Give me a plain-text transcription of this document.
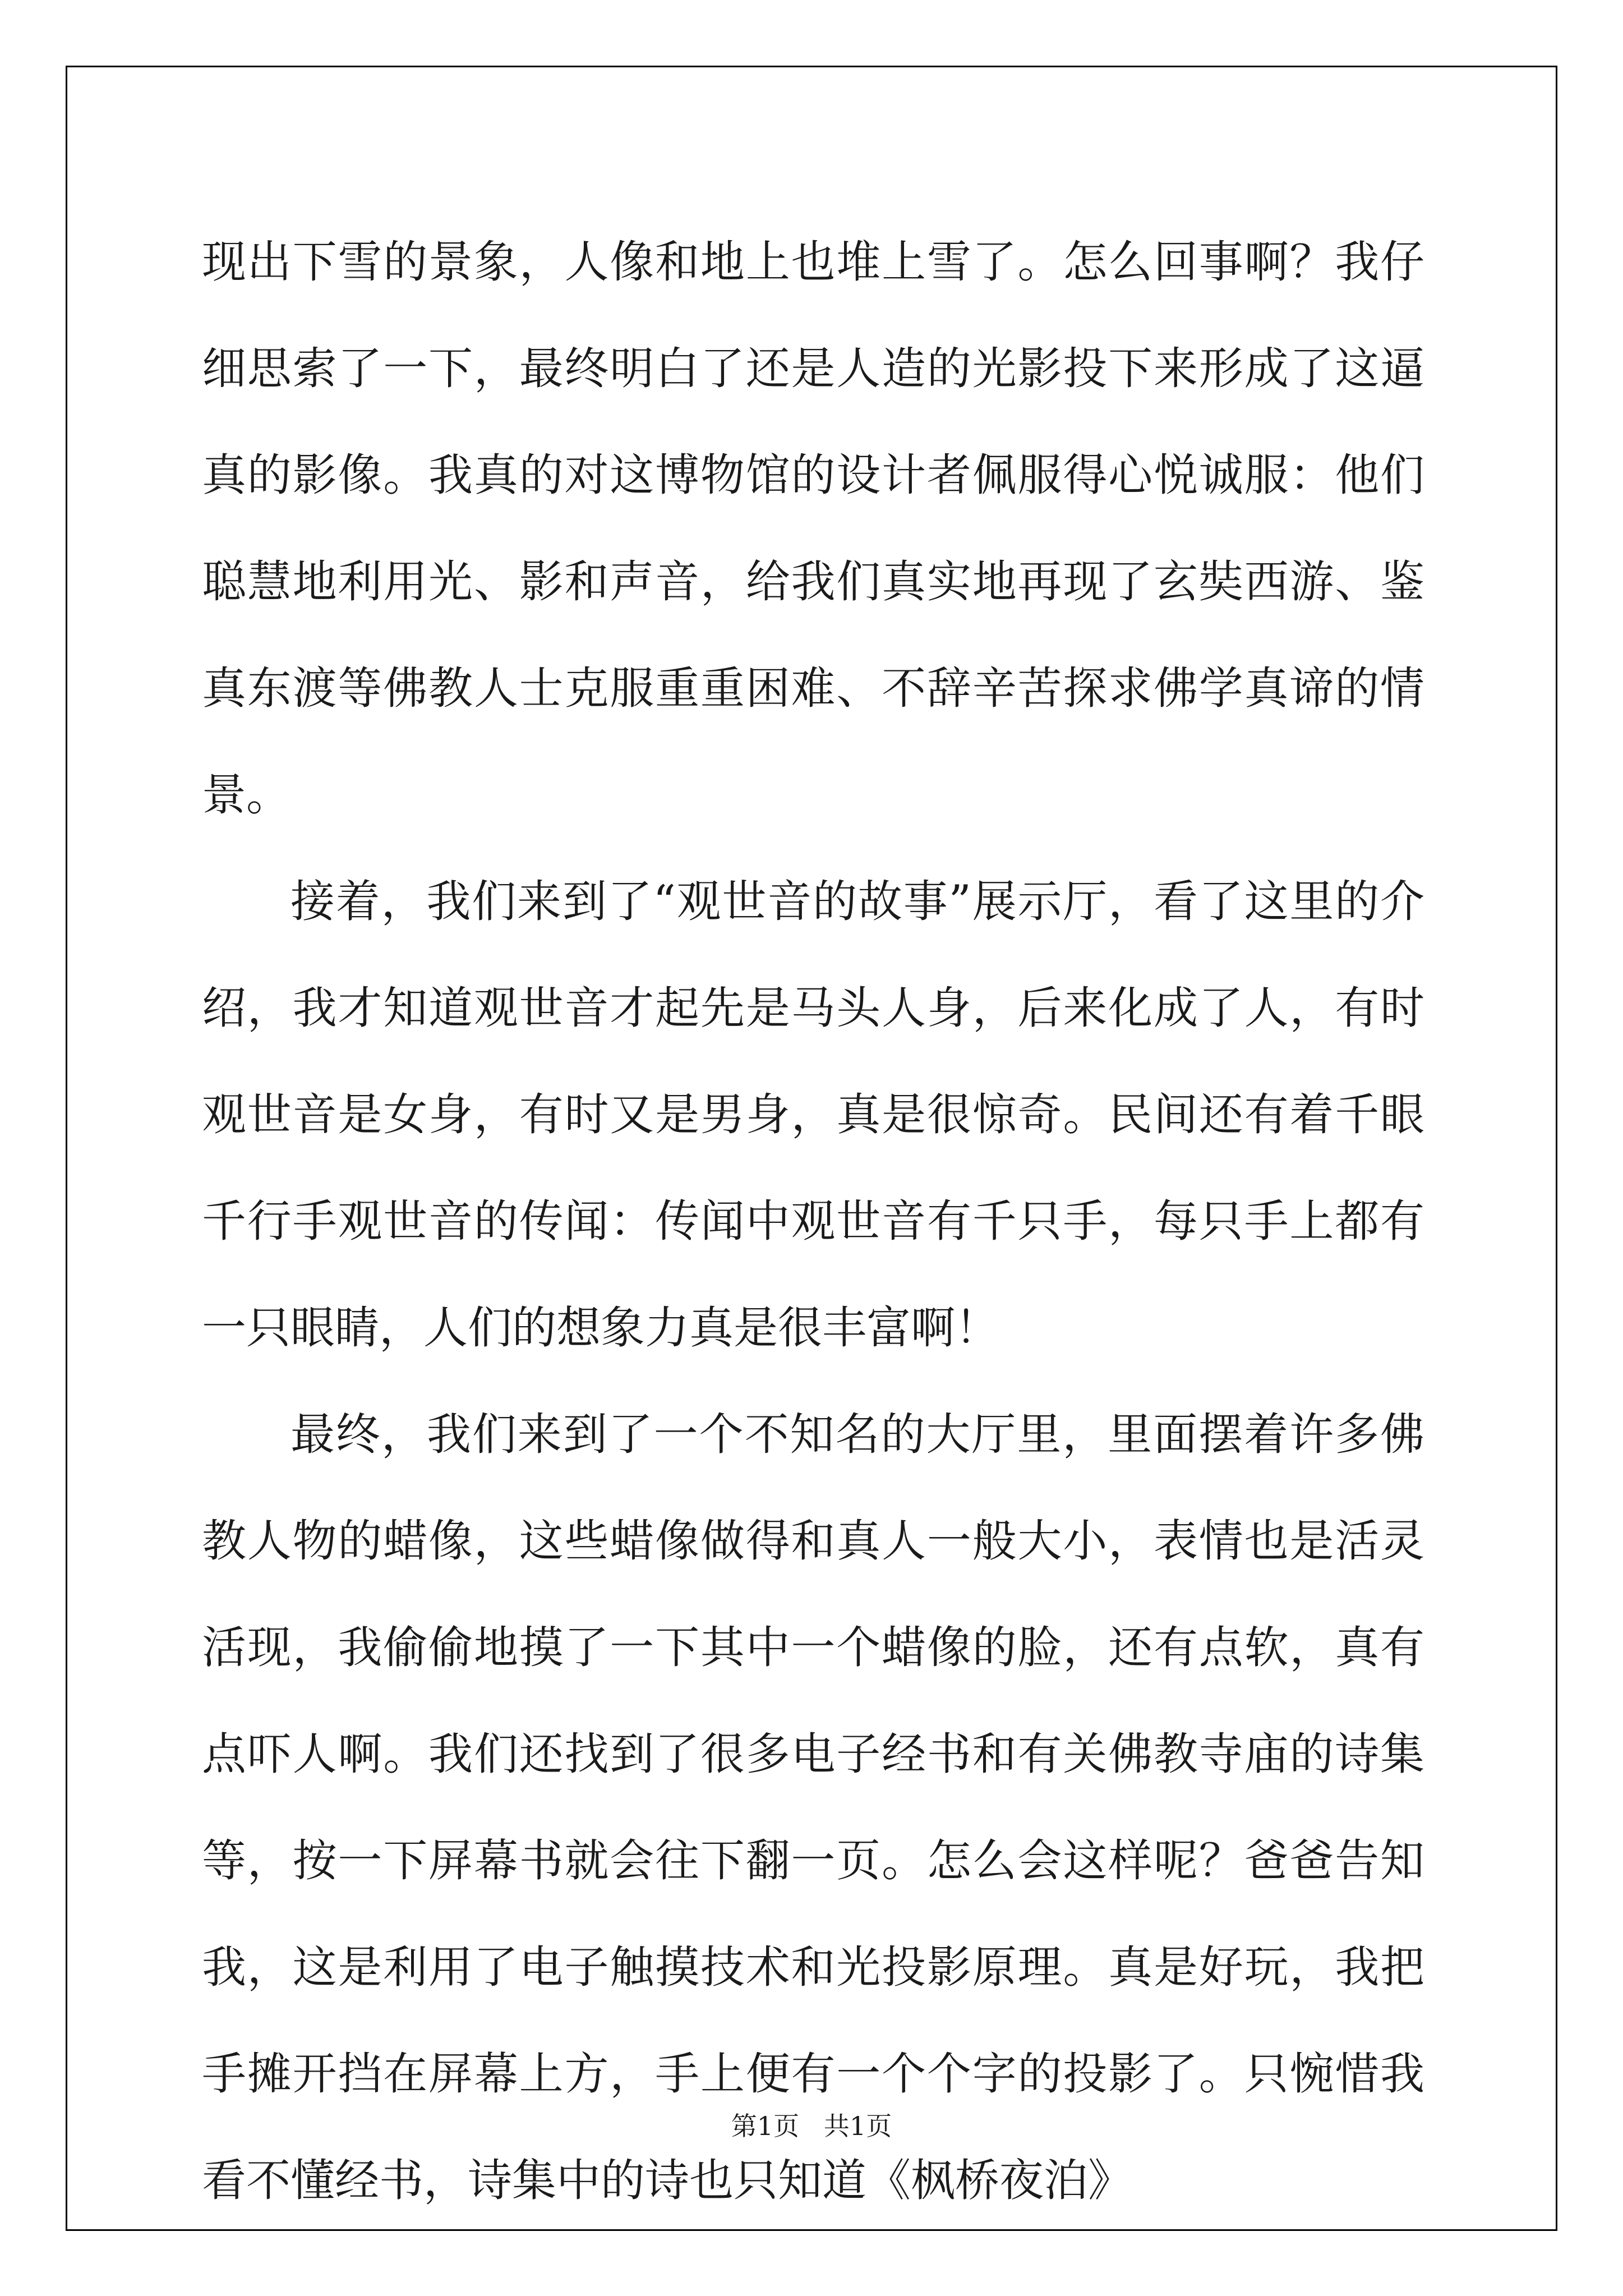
现出下雪的景象，人像和地上也堆上雪了。怎么回事啊？我仔细思索了一下，最终明白了还是人造的光影投下来形成了这逼真的影像。我真的对这博物馆的设计者佩服得心悦诚服：他们聪慧地利用光、影和声音，给我们真实地再现了玄奘西游、鉴真东渡等佛教人士克服重重困难、不辞辛苦探求佛学真谛的情景。

接着，我们来到了“观世音的故事”展示厅，看了这里的介绍，我才知道观世音才起先是马头人身，后来化成了人，有时观世音是女身，有时又是男身，真是很惊奇。民间还有着千眼千行手观世音的传闻：传闻中观世音有千只手，每只手上都有一只眼睛，人们的想象力真是很丰富啊！

最终，我们来到了一个不知名的大厅里，里面摆着许多佛教人物的蜡像，这些蜡像做得和真人一般大小，表情也是活灵活现，我偷偷地摸了一下其中一个蜡像的脸，还有点软，真有点吓人啊。我们还找到了很多电子经书和有关佛教寺庙的诗集等，按一下屏幕书就会往下翻一页。怎么会这样呢？爸爸告知我，这是利用了电子触摸技术和光投影原理。真是好玩，我把手摊开挡在屏幕上方，手上便有一个个字的投影了。只惋惜我看不懂经书，诗集中的诗也只知道《枫桥夜泊》

第1页   共1页
